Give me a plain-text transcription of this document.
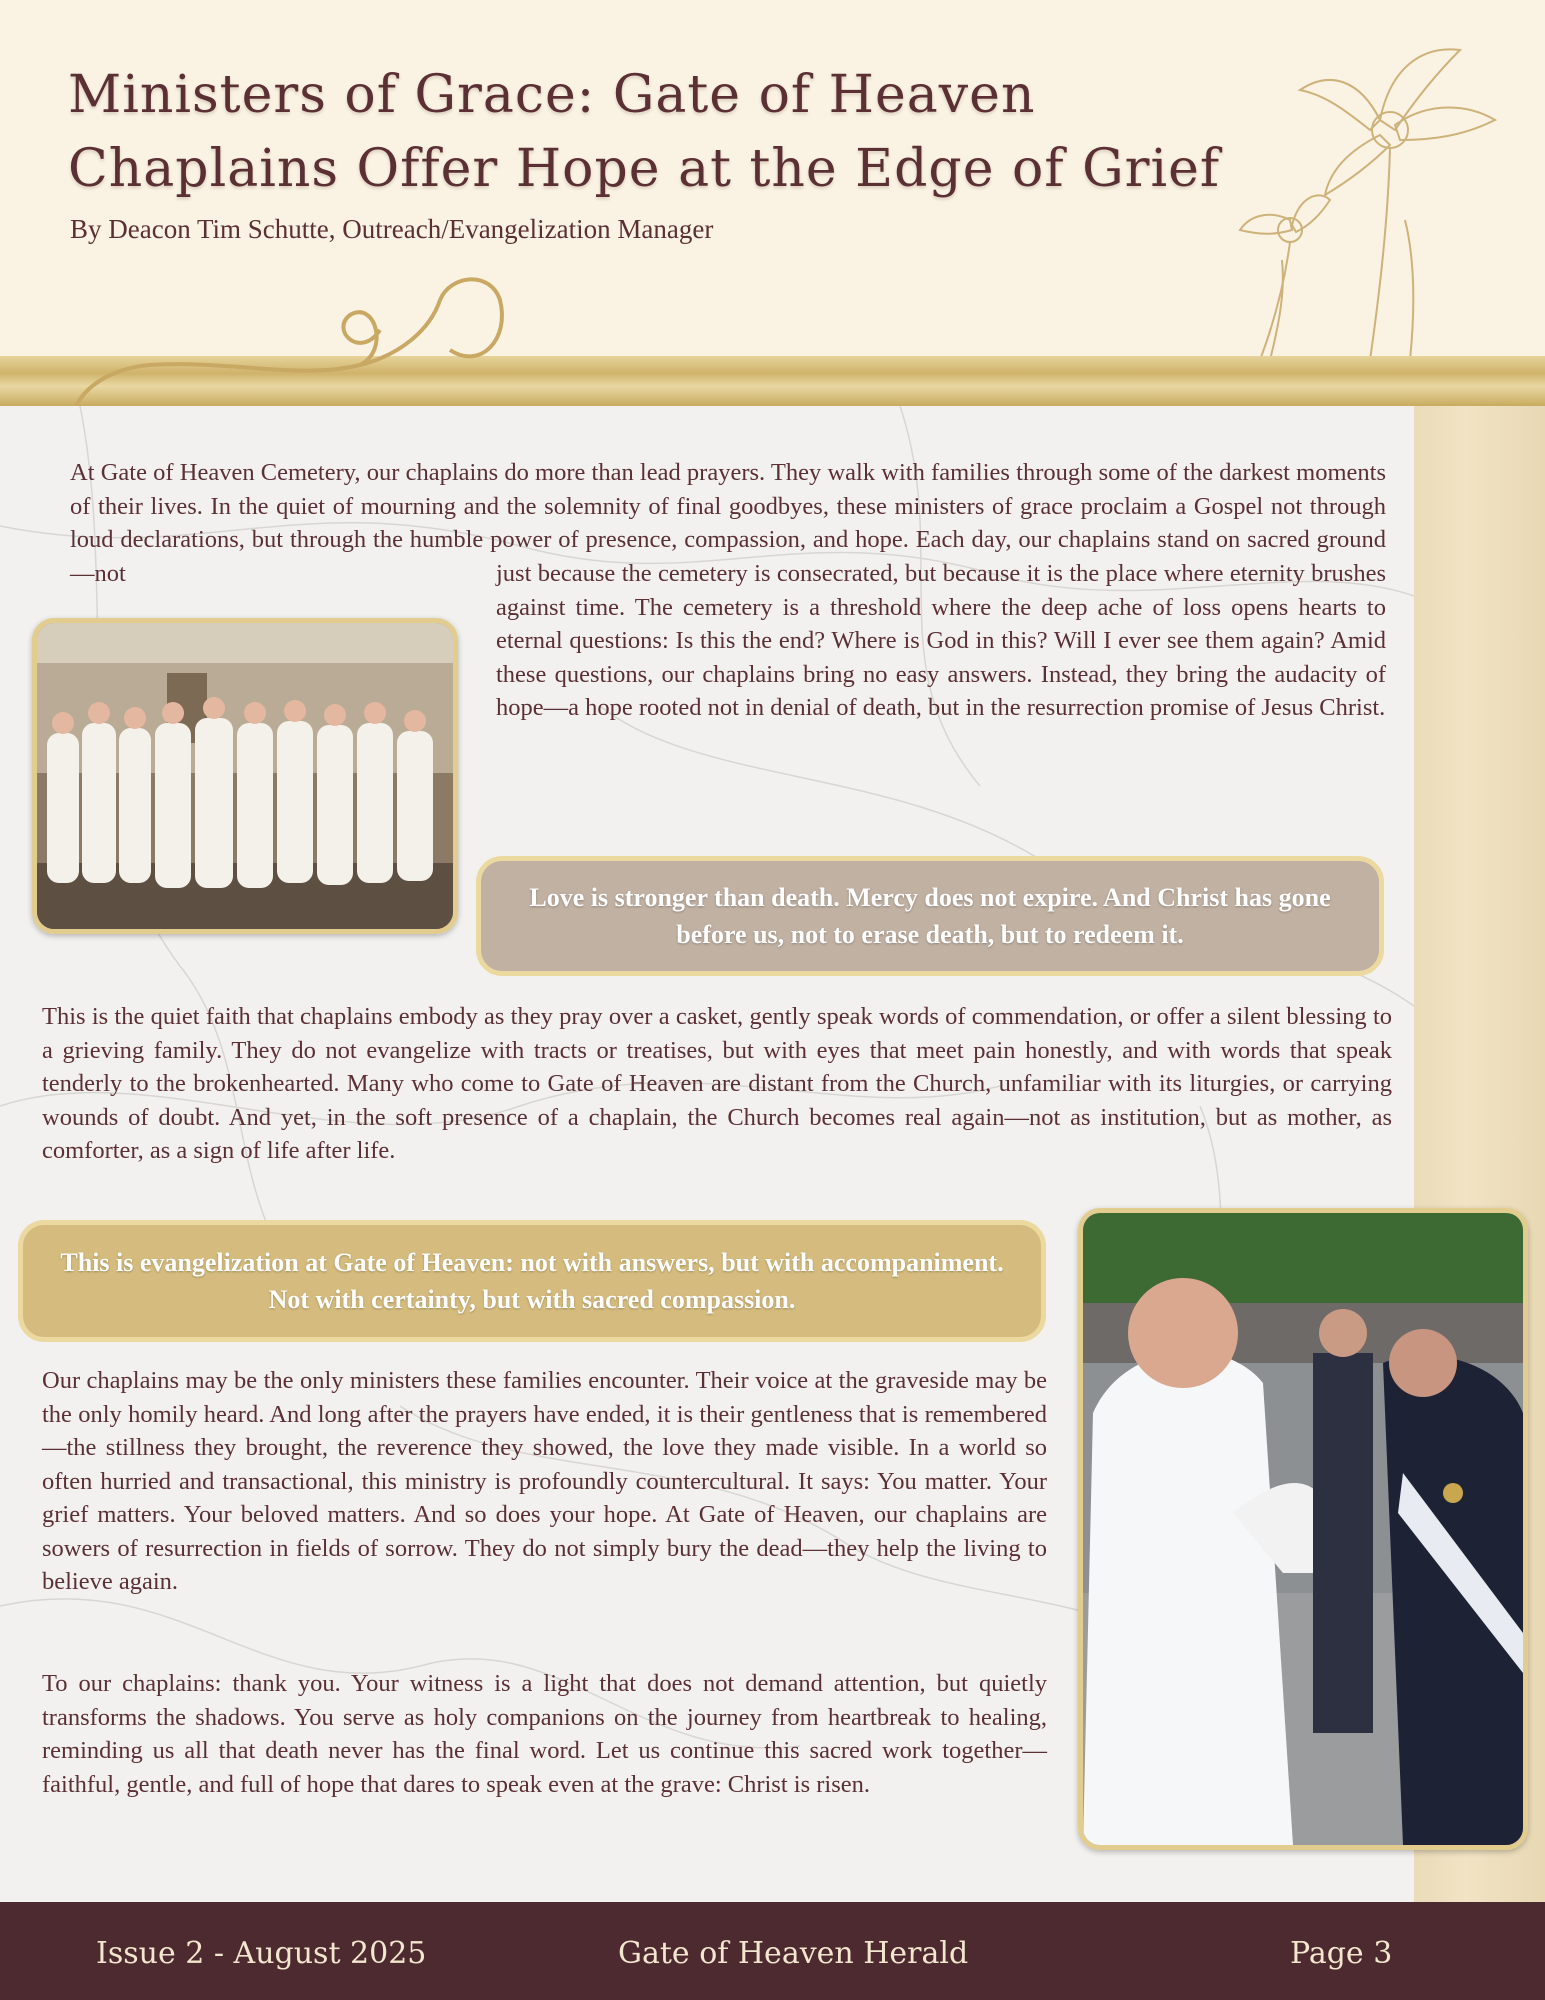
Ministers of Grace: Gate of Heaven
Chaplains Offer Hope at the Edge of Grief
By Deacon Tim Schutte, Outreach/Evangelization Manager

At Gate of Heaven Cemetery, our chaplains do more than lead prayers. They walk with families through some of the darkest moments of their lives. In the quiet of mourning and the solemnity of final goodbyes, these ministers of grace proclaim a Gospel not through loud declarations, but through the humble power of presence, compassion, and hope. Each day, our chaplains stand on sacred ground—not	just because the cemetery is consecrated, but because it is the place where eternity brushes against time. The cemetery is a threshold where the deep ache of loss opens hearts to eternal questions: Is this the end? Where is God in this? Will I ever see them again? Amid these questions, our chaplains bring no easy answers. Instead, they bring the audacity of hope—a hope rooted not in denial of death, but in the resurrection promise of Jesus Christ.

Love is stronger than death. Mercy does not expire. And Christ has gone before us, not to erase death, but to redeem it.

This is the quiet faith that chaplains embody as they pray over a casket, gently speak words of commendation, or offer a silent blessing to a grieving family. They do not evangelize with tracts or treatises, but with eyes that meet pain honestly, and with words that speak tenderly to the brokenhearted. Many who come to Gate of Heaven are distant from the Church, unfamiliar with its liturgies, or carrying wounds of doubt. And yet, in the soft presence of a chaplain, the Church becomes real again—not as institution, but as mother, as comforter, as a sign of life after life.

This is evangelization at Gate of Heaven: not with answers, but with accompaniment. Not with certainty, but with sacred compassion.

Our chaplains may be the only ministers these families encounter. Their voice at the graveside may be the only homily heard. And long after the prayers have ended, it is their gentleness that is remembered—the stillness they brought, the reverence they showed, the love they made visible. In a world so often hurried and transactional, this ministry is profoundly countercultural. It says: You matter. Your grief matters. Your beloved matters. And so does your hope. At Gate of Heaven, our chaplains are sowers of resurrection in fields of sorrow. They do not simply bury the dead—they help the living to believe again.

To our chaplains: thank you. Your witness is a light that does not demand attention, but quietly transforms the shadows. You serve as holy companions on the journey from heartbreak to healing, reminding us all that death never has the final word. Let us continue this sacred work together—faithful, gentle, and full of hope that dares to speak even at the grave: Christ is risen.

Issue 2 - August 2025	Gate of Heaven Herald	Page 3
